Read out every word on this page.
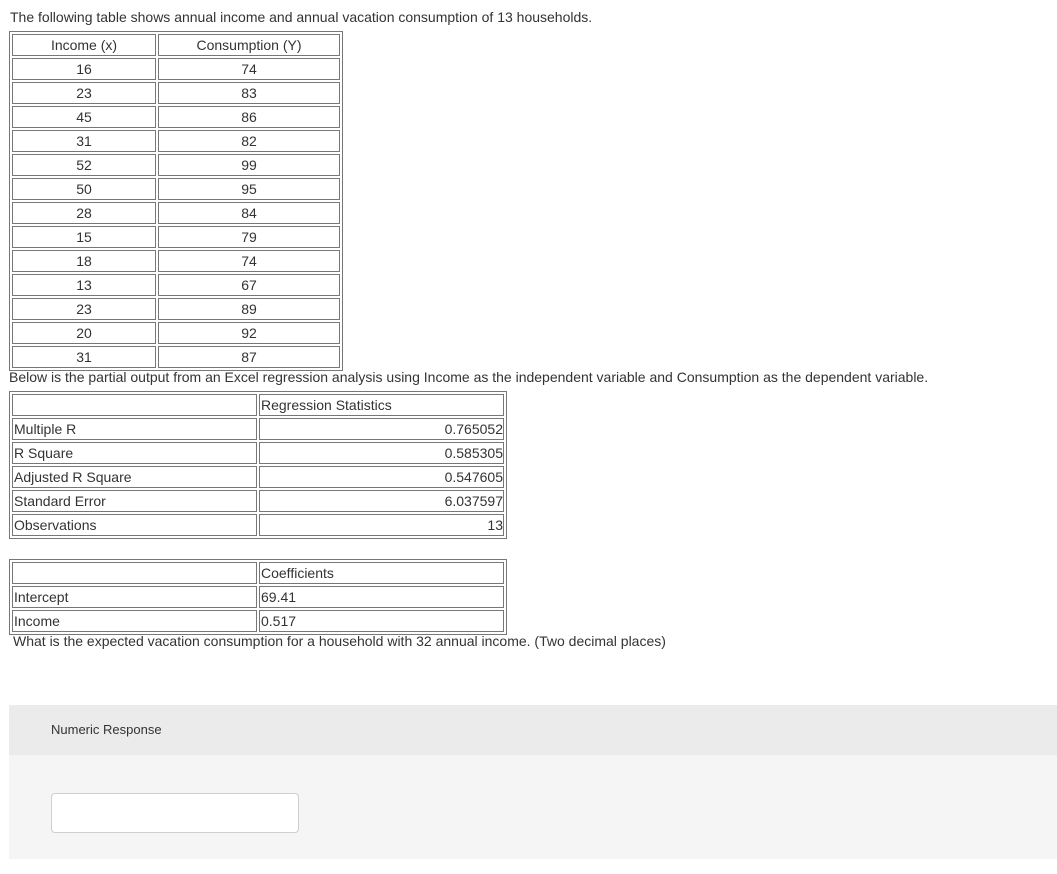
The following table shows annual income and annual vacation consumption of 13 households.
Income (x)	Consumption (Y)
16	74
23	83
45	86
31	82
52	99
50	95
28	84
15	79
18	74
13	67
23	89
20	92
31	87
Below is the partial output from an Excel regression analysis using Income as the independent variable and Consumption as the dependent variable.
	Regression Statistics
Multiple R	0.765052
R Square	0.585305
Adjusted R Square	0.547605
Standard Error	6.037597
Observations	13
	Coefficients
Intercept	69.41
Income	0.517
What is the expected vacation consumption for a household with 32 annual income. (Two decimal places)
Numeric Response
